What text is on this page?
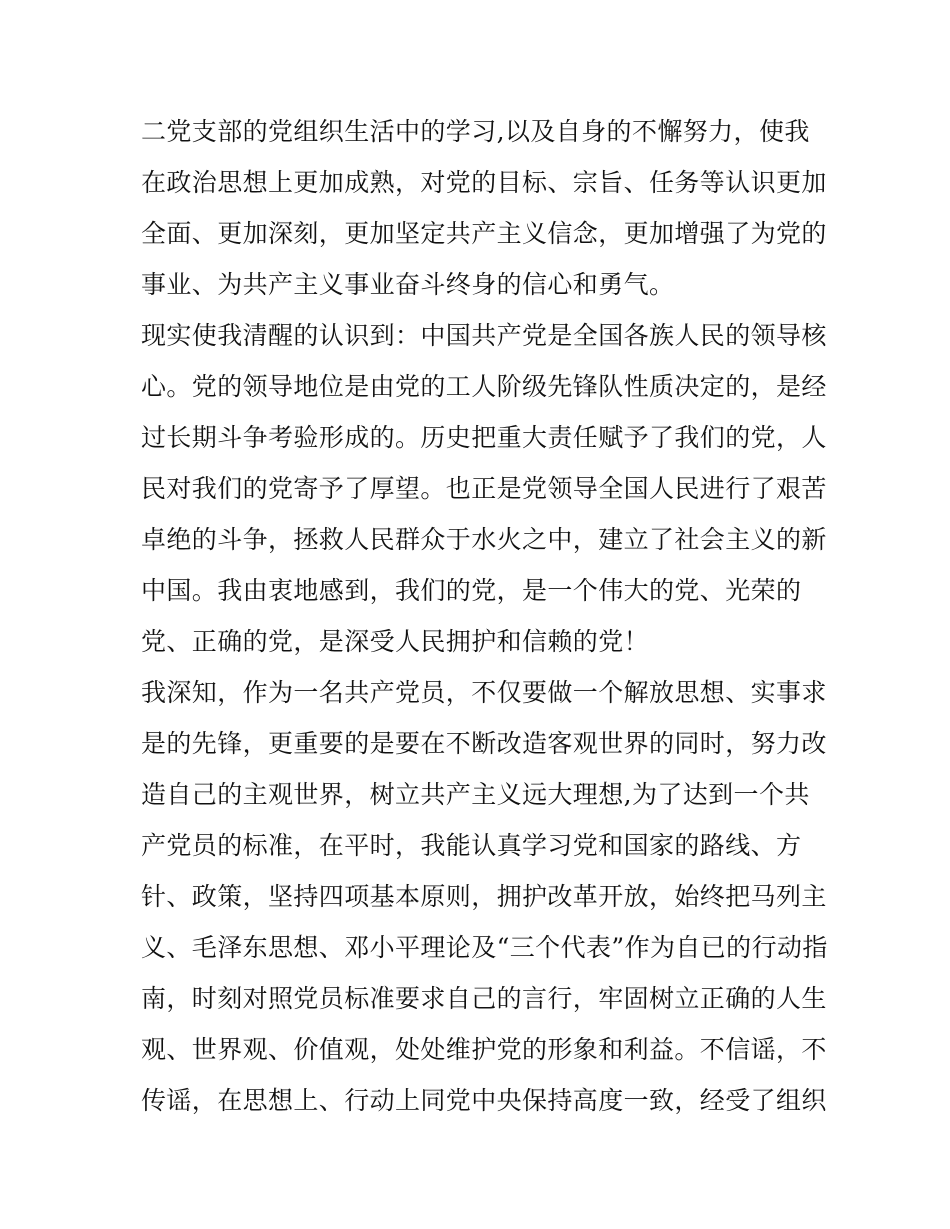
二党支部的党组织生活中的学习,以及自身的不懈努力，使我
在政治思想上更加成熟，对党的目标、宗旨、任务等认识更加
全面、更加深刻，更加坚定共产主义信念，更加增强了为党的
事业、为共产主义事业奋斗终身的信心和勇气。
现实使我清醒的认识到：中国共产党是全国各族人民的领导核
心。党的领导地位是由党的工人阶级先锋队性质决定的，是经
过长期斗争考验形成的。历史把重大责任赋予了我们的党，人
民对我们的党寄予了厚望。也正是党领导全国人民进行了艰苦
卓绝的斗争，拯救人民群众于水火之中，建立了社会主义的新
中国。我由衷地感到，我们的党，是一个伟大的党、光荣的
党、正确的党，是深受人民拥护和信赖的党！
我深知，作为一名共产党员，不仅要做一个解放思想、实事求
是的先锋，更重要的是要在不断改造客观世界的同时，努力改
造自己的主观世界，树立共产主义远大理想,为了达到一个共
产党员的标准，在平时，我能认真学习党和国家的路线、方
针、政策，坚持四项基本原则，拥护改革开放，始终把马列主
义、毛泽东思想、邓小平理论及“三个代表”作为自已的行动指
南，时刻对照党员标准要求自己的言行，牢固树立正确的人生
观、世界观、价值观，处处维护党的形象和利益。不信谣，不
传谣，在思想上、行动上同党中央保持高度一致，经受了组织
